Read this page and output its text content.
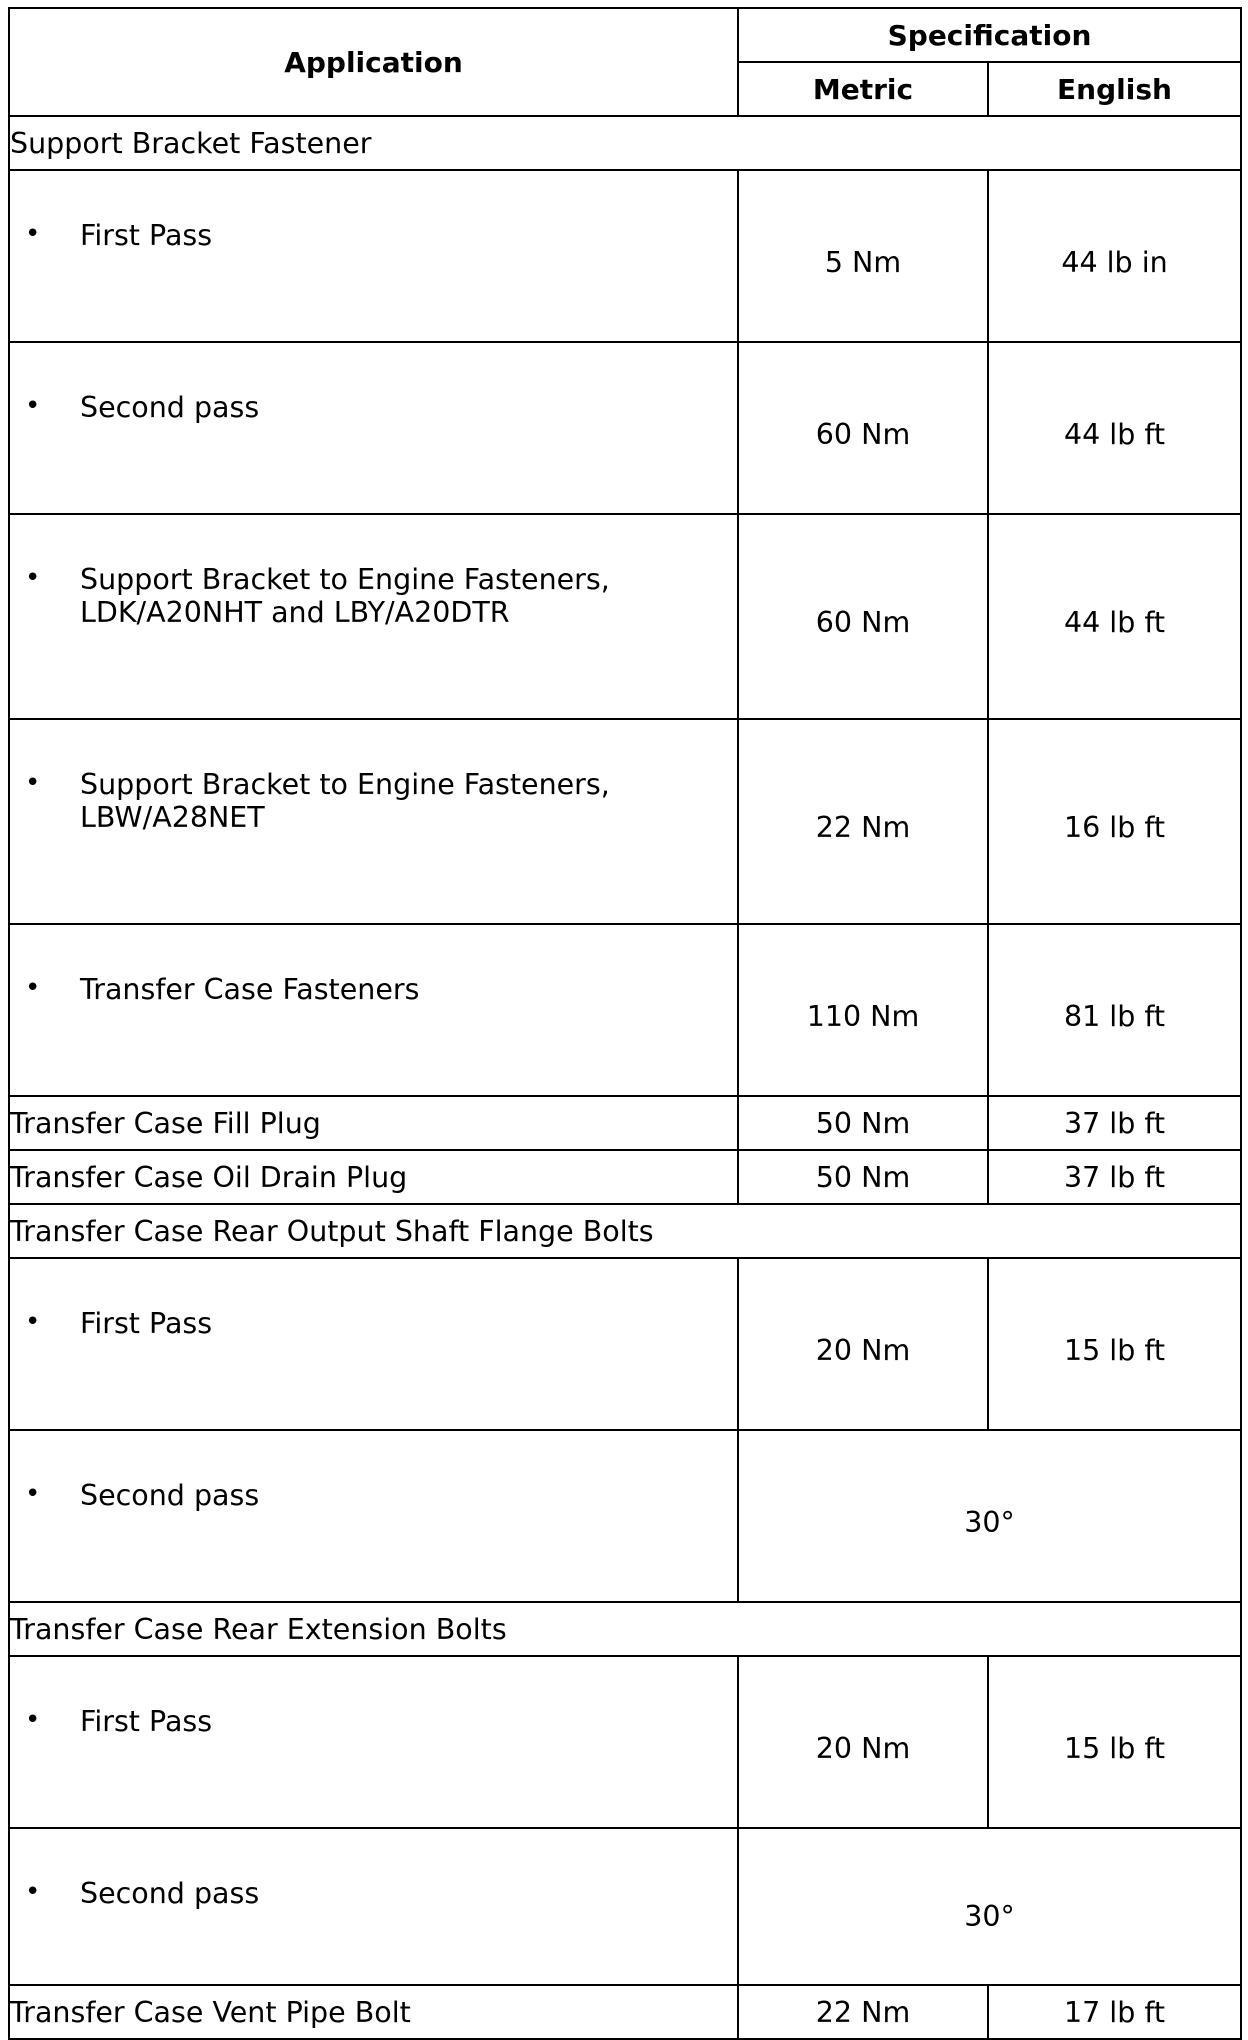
Application	Specification	
	Metric	English
Support Bracket Fastener		

• First Pass	5 Nm	44 lb in

• Second pass	60 Nm	44 lb ft

• Support Bracket to Engine Fasteners,
LDK/A20NHT and LBY/A20DTR	60 Nm	44 lb ft

• Support Bracket to Engine Fasteners,
LBW/A28NET	22 Nm	16 lb ft

• Transfer Case Fasteners	110 Nm	81 lb ft
Transfer Case Fill Plug	50 Nm	37 lb ft
Transfer Case Oil Drain Plug	50 Nm	37 lb ft
Transfer Case Rear Output Shaft Flange Bolts		

• First Pass	20 Nm	15 lb ft

• Second pass	30°	
Transfer Case Rear Extension Bolts		

• First Pass	20 Nm	15 lb ft

• Second pass	30°	
Transfer Case Vent Pipe Bolt	22 Nm	17 lb ft
